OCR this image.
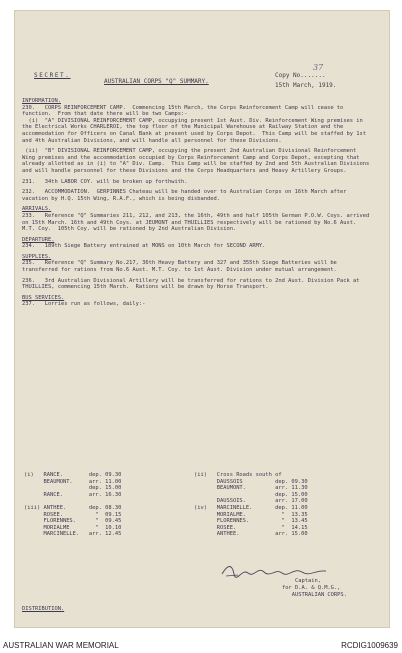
SECRET.
AUSTRALIAN CORPS "Q" SUMMARY.
Copy No.......
37
15th March, 1919.

INFORMATION.

230.   CORPS REINFORCEMENT CAMP.  Commencing 15th March, the Corps Reinforcement Camp will cease to function.  From that date there will be two Camps:-

(i)  "A" DIVISIONAL REINFORCEMENT CAMP, occupying present 1st Aust. Div. Reinforcement Wing premises in the Electrical Works CHARLEROI, the top floor of the Municipal Warehouse at Railway Station and the accommodation for Officers on Canal Bank at present used by Corps Depot.  This Camp will be staffed by 1st and 4th Australian Divisions, and will handle all personnel for these Divisions.

(ii)  "B" DIVISIONAL REINFORCEMENT CAMP, occupying the present 2nd Australian Divisional Reinforcement Wing premises and the accommodation occupied by Corps Reinforcement Camp and Corps Depot, excepting that already allotted as in (i) to "A" Div. Camp.  This Camp will be staffed by 2nd and 5th Australian Divisions and will handle personnel for these Divisions and the Corps Headquarters and Heavy Artillery Groups.

231.   34th LABOR COY. will be broken up forthwith.

232.   ACCOMMODATION.  GERPINNES Chateau will be handed over to Australian Corps on 16th March after vacation by H.Q. 15th Wing, R.A.F., which is being disbanded.

ARRIVALS.

233.   Reference "Q" Summaries 211, 212, and 213, the 16th, 49th and half 105th German P.O.W. Coys. arrived on 15th March. 16th and 49th Coys. at JEUMONT and THUILLIES respectively will be rationed by No.6 Aust. M.T. Coy.  105th Coy. will be rationed by 2nd Australian Division.

DEPARTURE.

234.   189th Siege Battery entrained at MONS on 10th March for SECOND ARMY.

SUPPLIES.

235.   Reference "Q" Summary No.217, 36th Heavy Battery and 327 and 355th Siege Batteries will be transferred for rations from No.6 Aust. M.T. Coy. to 1st Aust. Division under mutual arrangement.

236.   3rd Australian Divisional Artillery will be transferred for rations to 2nd Aust. Division Pack at THUILLIES, commencing 15th March.  Rations will be drawn by Horse Transport.

BUS SERVICES.

237.   Lorries run as follows, daily:-

(i)   RANCE.        dep. 09.30
BEAUMONT.     arr. 11.00
dep. 15.00
RANCE.        arr. 16.30

(iii) ANTHEE.       dep. 08.30
ROSEE.          "  09.15
FLORENNES.      "  09.45
MORIALME        "  10.10
MARCINELLE.   arr. 12.45
(ii)   Cross Roads south of
DAUSSOIS          dep. 09.30
BEAUMONT.         arr. 11.30
dep. 15.00
DAUSSOIS.         arr. 17.00
(iv)   MARCINELLE.       dep. 11.00
MORIALME.           "  13.35
FLORENNES.          "  13.45
ROSEE.              "  14.15
ANTHEE.           arr. 15.00
Captain,
for D.A. & Q.M.G.,
AUSTRALIAN CORPS.
DISTRIBUTION.
AUSTRALIAN WAR MEMORIAL	RCDIG1009639
